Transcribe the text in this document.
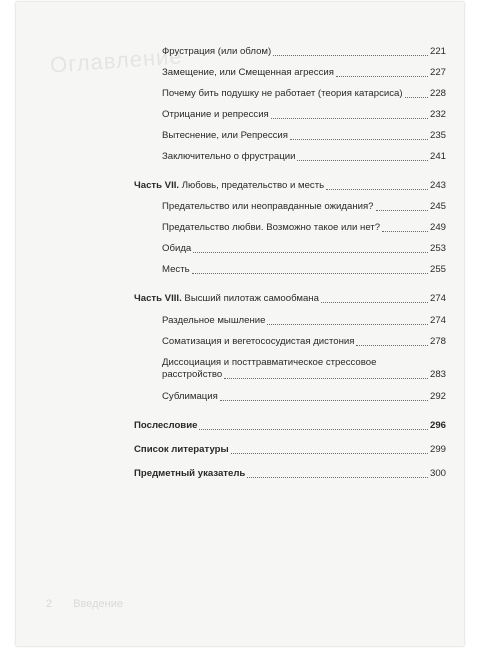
Оглавление
2 Введение
Фрустрация (или облом)	221
Замещение, или Смещенная агрессия	227
Почему бить подушку не работает (теория катарсиса)	228
Отрицание и репрессия	232
Вытеснение, или Репрессия	235
Заключительно о фрустрации	241
Часть VII. Любовь, предательство и месть	243
Предательство или неоправданные ожидания?	245
Предательство любви. Возможно такое или нет?	249
Обида	253
Месть	255
Часть VIII. Высший пилотаж самообмана	274
Раздельное мышление	274
Соматизация и вегетососудистая дистония	278
Диссоциация и посттравматическое стрессовое
расстройство	283
Сублимация	292
Послесловие	296
Список литературы	299
Предметный указатель	300
